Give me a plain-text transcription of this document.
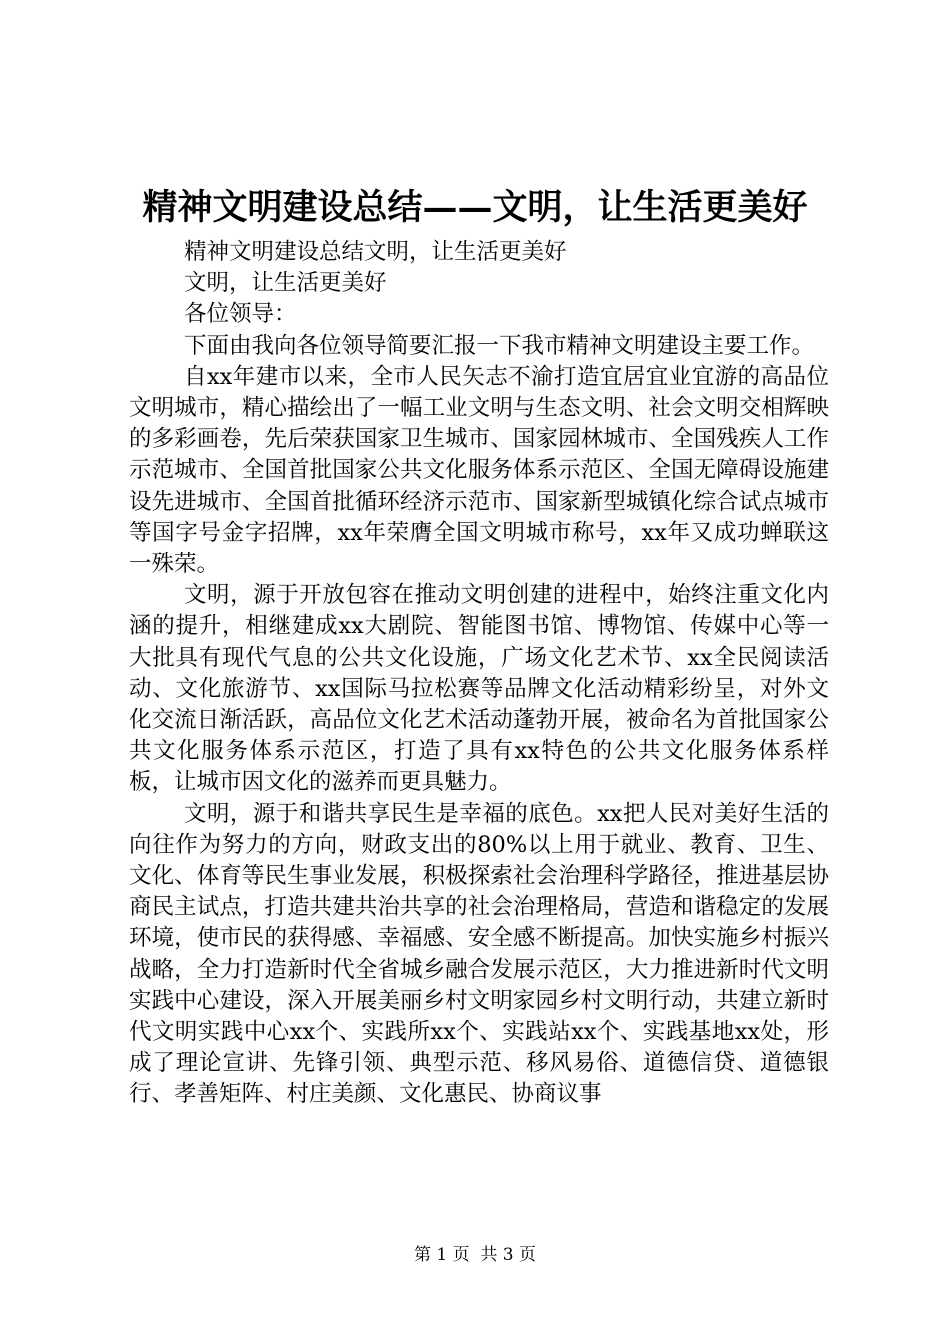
精神文明建设总结——文明，让生活更美好

精神文明建设总结文明，让生活更美好

文明，让生活更美好

各位领导：

下面由我向各位领导简要汇报一下我市精神文明建设主要工作。

自xx年建市以来，全市人民矢志不渝打造宜居宜业宜游的高品位文明城市，精心描绘出了一幅工业文明与生态文明、社会文明交相辉映的多彩画卷，先后荣获国家卫生城市、国家园林城市、全国残疾人工作示范城市、全国首批国家公共文化服务体系示范区、全国无障碍设施建设先进城市、全国首批循环经济示范市、国家新型城镇化综合试点城市等国字号金字招牌，xx年荣膺全国文明城市称号，xx年又成功蝉联这一殊荣。

文明，源于开放包容在推动文明创建的进程中，始终注重文化内涵的提升，相继建成xx大剧院、智能图书馆、博物馆、传媒中心等一大批具有现代气息的公共文化设施，广场文化艺术节、xx全民阅读活动、文化旅游节、xx国际马拉松赛等品牌文化活动精彩纷呈，对外文化交流日渐活跃，高品位文化艺术活动蓬勃开展，被命名为首批国家公共文化服务体系示范区，打造了具有xx特色的公共文化服务体系样板，让城市因文化的滋养而更具魅力。

文明，源于和谐共享民生是幸福的底色。xx把人民对美好生活的向往作为努力的方向，财政支出的80%以上用于就业、教育、卫生、文化、体育等民生事业发展，积极探索社会治理科学路径，推进基层协商民主试点，打造共建共治共享的社会治理格局，营造和谐稳定的发展环境，使市民的获得感、幸福感、安全感不断提高。加快实施乡村振兴战略，全力打造新时代全省城乡融合发展示范区，大力推进新时代文明实践中心建设，深入开展美丽乡村文明家园乡村文明行动，共建立新时代文明实践中心xx个、实践所xx个、实践站xx个、实践基地xx处，形成了理论宣讲、先锋引领、典型示范、移风易俗、道德信贷、道德银行、孝善矩阵、村庄美颜、文化惠民、协商议事

第 1 页  共 3 页
